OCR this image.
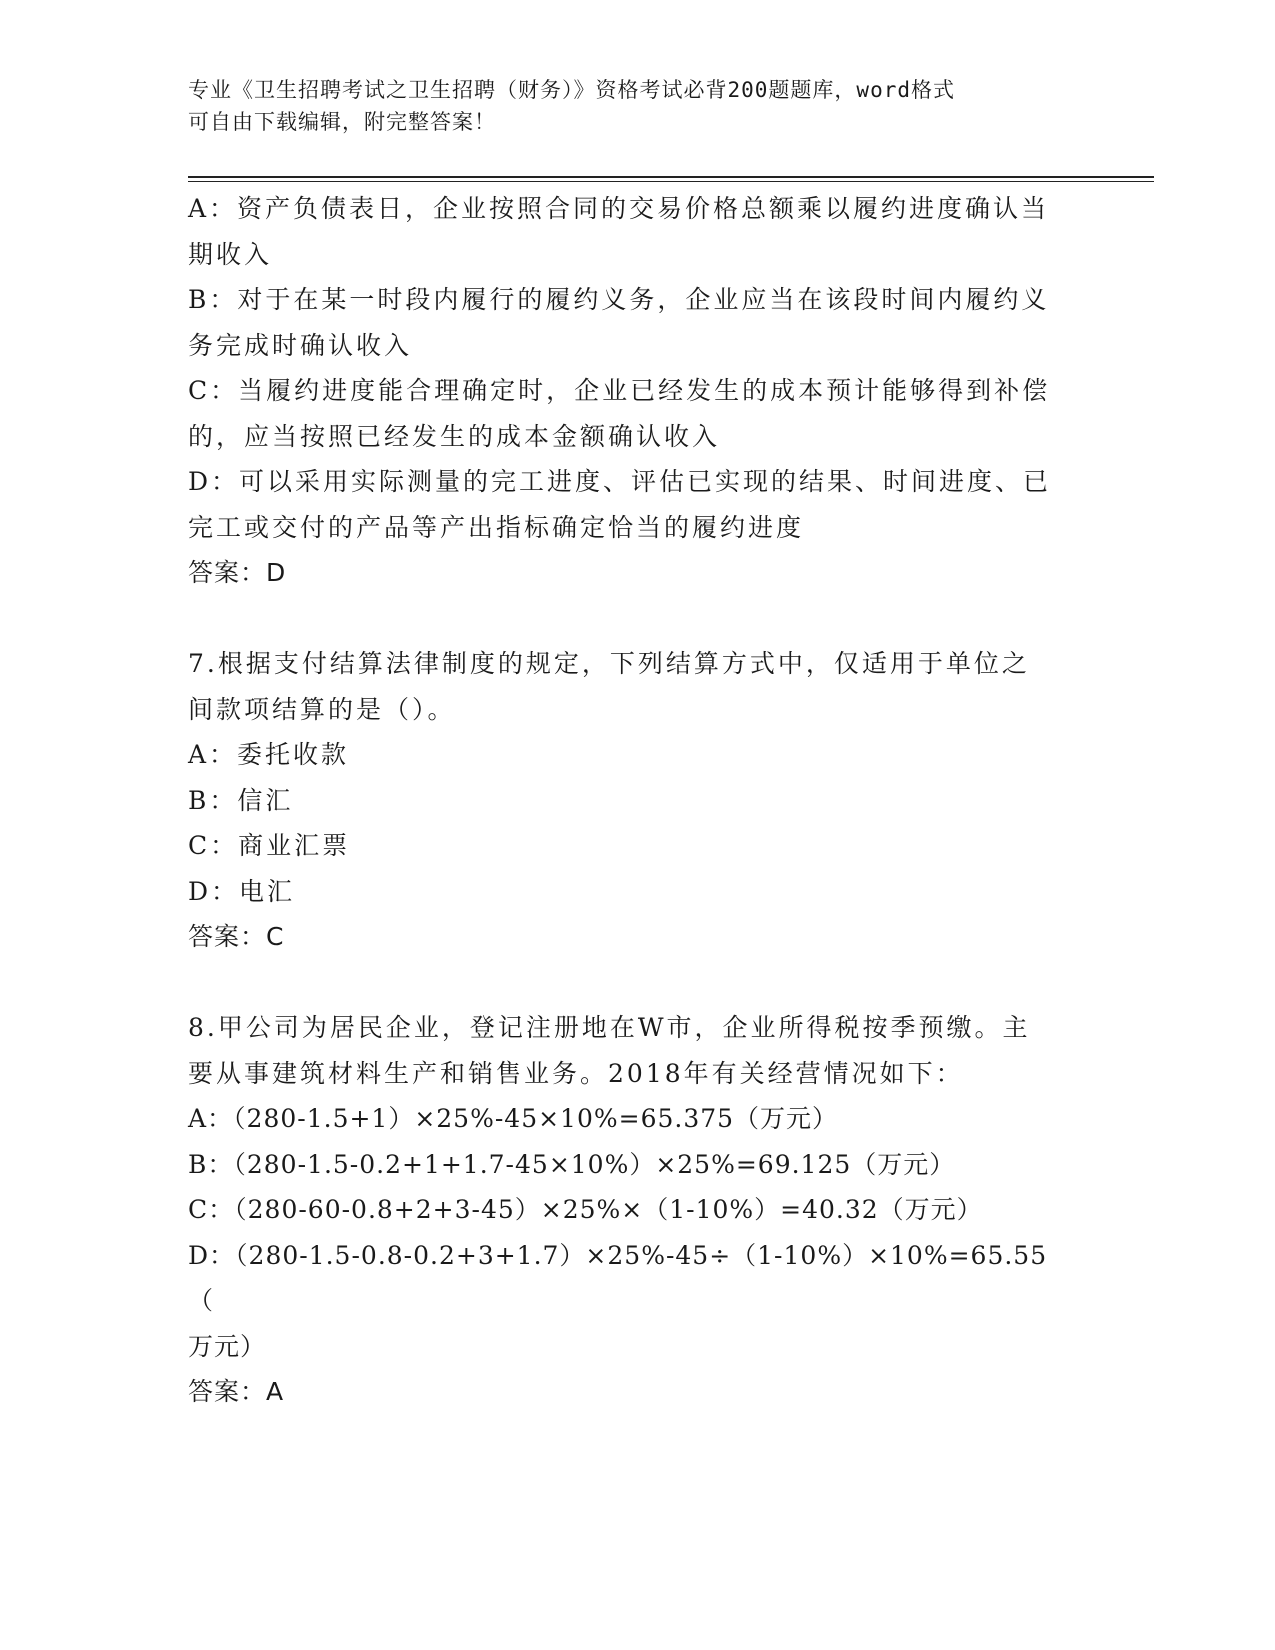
专业《卫生招聘考试之卫生招聘（财务）》资格考试必背200题题库，word格式
可自由下载编辑，附完整答案！

A：资产负债表日，企业按照合同的交易价格总额乘以履约进度确认当

期收入

B：对于在某一时段内履行的履约义务，企业应当在该段时间内履约义

务完成时确认收入

C：当履约进度能合理确定时，企业已经发生的成本预计能够得到补偿

的，应当按照已经发生的成本金额确认收入

D：可以采用实际测量的完工进度、评估已实现的结果、时间进度、已

完工或交付的产品等产出指标确定恰当的履约进度

答案：D

7.根据支付结算法律制度的规定，下列结算方式中，仅适用于单位之

间款项结算的是（）。

A：委托收款

B：信汇

C：商业汇票

D：电汇

答案：C

8.甲公司为居民企业，登记注册地在W市，企业所得税按季预缴。主

要从事建筑材料生产和销售业务。2018年有关经营情况如下：

A：（280-1.5+1）×25%-45×10%=65.375（万元）

B：（280-1.5-0.2+1+1.7-45×10%）×25%=69.125（万元）

C：（280-60-0.8+2+3-45）×25%×（1-10%）=40.32（万元）

D：（280-1.5-0.8-0.2+3+1.7）×25%-45÷（1-10%）×10%=65.55（

万元）

答案：A
